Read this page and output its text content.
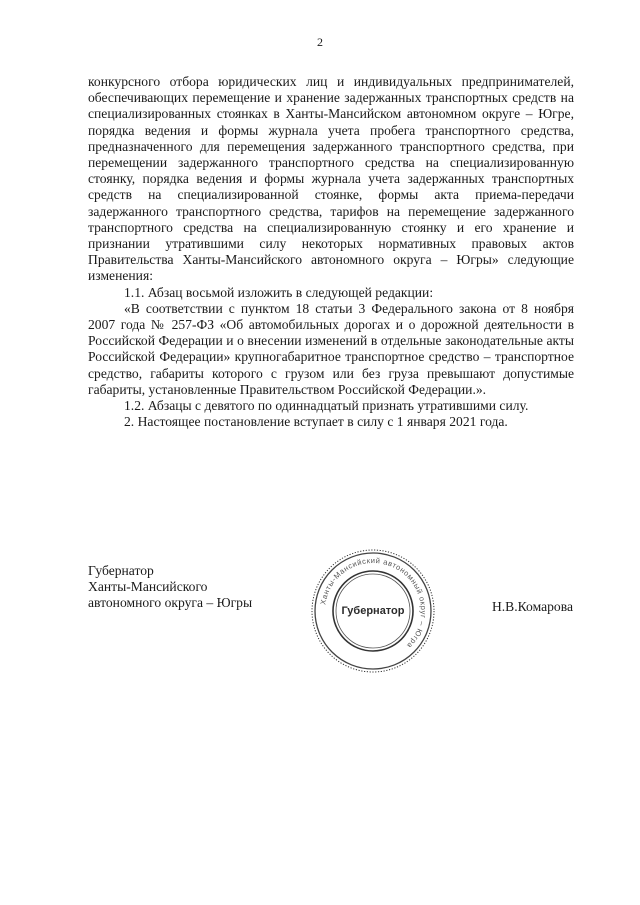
2

конкурсного отбора юридических лиц и индивидуальных предпринимателей, обеспечивающих перемещение и хранение задержанных транспортных средств на специализированных стоянках в Ханты-Мансийском автономном округе – Югре, порядка ведения и формы журнала учета пробега транспортного средства, предназначенного для перемещения задержанного транспортного средства, при перемещении задержанного транспортного средства на специализированную стоянку, порядка ведения и формы журнала учета задержанных транспортных средств на специализированной стоянке, формы акта приема-передачи задержанного транспортного средства, тарифов на перемещение задержанного транспортного средства на специализированную стоянку и его хранение и признании утратившими силу некоторых нормативных правовых актов Правительства Ханты-Мансийского автономного округа – Югры» следующие изменения:

1.1. Абзац восьмой изложить в следующей редакции:

«В соответствии с пунктом 18 статьи 3 Федерального закона от 8 ноября 2007 года № 257-ФЗ «Об автомобильных дорогах и о дорожной деятельности в Российской Федерации и о внесении изменений в отдельные законодательные акты Российской Федерации» крупногабаритное транспортное средство – транспортное средство, габариты которого с грузом или без груза превышают допустимые габариты, установленные Правительством Российской Федерации.».

1.2. Абзацы с девятого по одиннадцатый признать утратившими силу.

2. Настоящее постановление вступает в силу с 1 января 2021 года.

Губернатор
Ханты-Мансийского
автономного округа – Югры	Ханты-Мансийский автономный округ – Югра
Губернатор	Н.В.Комарова
